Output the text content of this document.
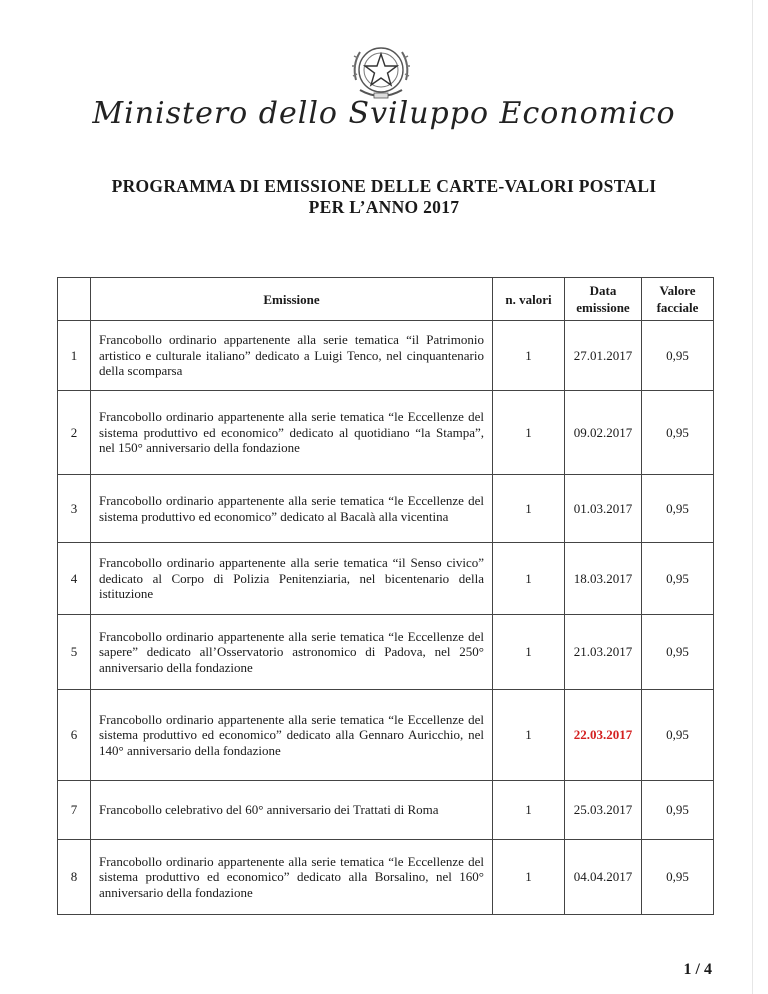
Ministero dello Sviluppo Economico
PROGRAMMA DI EMISSIONE DELLE CARTE-VALORI POSTALI
PER L’ANNO 2017
	Emissione	n. valori	Data emissione	Valore facciale
1	Francobollo ordinario appartenente alla serie tematica “il Patrimonio artistico e culturale italiano” dedicato a Luigi Tenco, nel cinquantenario della scomparsa	1	27.01.2017	0,95
2	Francobollo ordinario appartenente alla serie tematica “le Eccellenze del sistema produttivo ed economico” dedicato al quotidiano “la Stampa”, nel 150° anniversario della fondazione	1	09.02.2017	0,95
3	Francobollo ordinario appartenente alla serie tematica “le Eccellenze del sistema produttivo ed economico” dedicato al Bacalà alla vicentina	1	01.03.2017	0,95
4	Francobollo ordinario appartenente alla serie tematica “il Senso civico” dedicato al Corpo di Polizia Penitenziaria, nel bicentenario della istituzione	1	18.03.2017	0,95
5	Francobollo ordinario appartenente alla serie tematica “le Eccellenze del sapere” dedicato all’Osservatorio astronomico di Padova, nel 250° anniversario della fondazione	1	21.03.2017	0,95
6	Francobollo ordinario appartenente alla serie tematica “le Eccellenze del sistema produttivo ed economico” dedicato alla Gennaro Auricchio, nel 140° anniversario della fondazione	1	22.03.2017	0,95
7	Francobollo celebrativo del 60° anniversario dei Trattati di Roma	1	25.03.2017	0,95
8	Francobollo ordinario appartenente alla serie tematica “le Eccellenze del sistema produttivo ed economico” dedicato alla Borsalino, nel 160° anniversario della fondazione	1	04.04.2017	0,95
1 / 4
